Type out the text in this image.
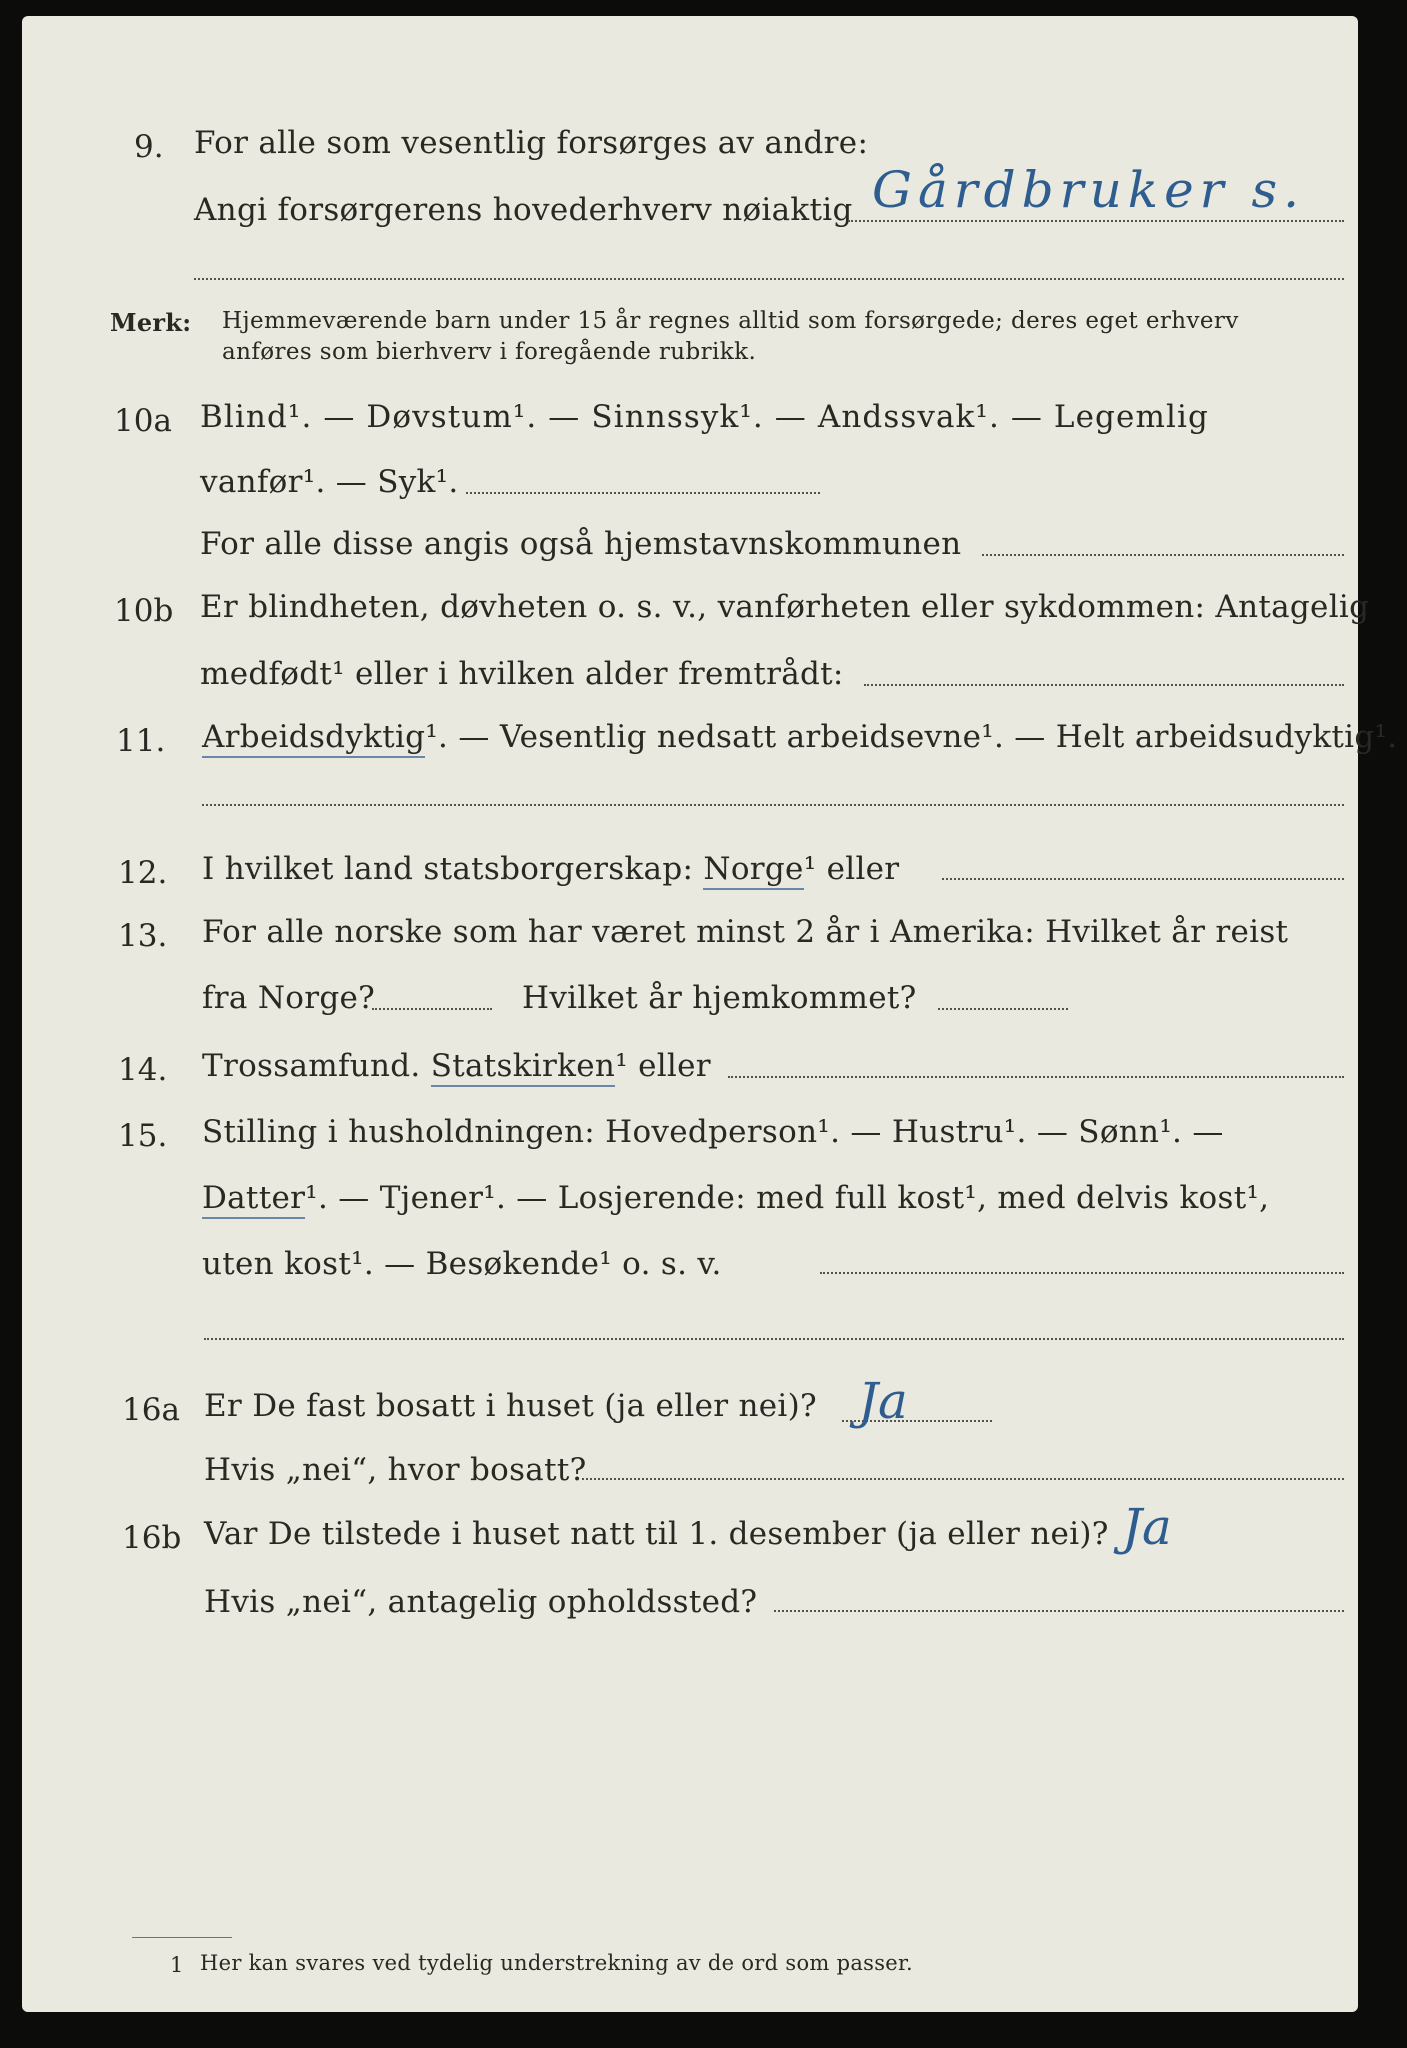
9. For alle som vesentlig forsørges av andre:
Angi forsørgerens hovederhverv nøiaktig Gårdbruker s.
Merk: Hjemmeværende barn under 15 år regnes alltid som forsørgede; deres eget erhverv
anføres som bierhverv i foregående rubrikk.
10a Blind¹. — Døvstum¹. — Sinnssyk¹. — Andssvak¹. — Legemlig
vanfør¹. — Syk¹.
For alle disse angis også hjemstavnskommunen
10b Er blindheten, døvheten o. s. v., vanførheten eller sykdommen: Antagelig
medfødt¹ eller i hvilken alder fremtrådt:
11. Arbeidsdyktig¹. — Vesentlig nedsatt arbeidsevne¹. — Helt arbeidsudyktig¹.
12. I hvilket land statsborgerskap: Norge¹ eller
13. For alle norske som har været minst 2 år i Amerika: Hvilket år reist
fra Norge?	Hvilket år hjemkommet?
14. Trossamfund. Statskirken¹ eller
15. Stilling i husholdningen: Hovedperson¹. — Hustru¹. — Sønn¹. —
Datter¹. — Tjener¹. — Losjerende: med full kost¹, med delvis kost¹,
uten kost¹. — Besøkende¹ o. s. v.
16a Er De fast bosatt i huset (ja eller nei)? Ja
Hvis „nei“, hvor bosatt?
16b Var De tilstede i huset natt til 1. desember (ja eller nei)? Ja
Hvis „nei“, antagelig opholdssted?
1 Her kan svares ved tydelig understrekning av de ord som passer.
